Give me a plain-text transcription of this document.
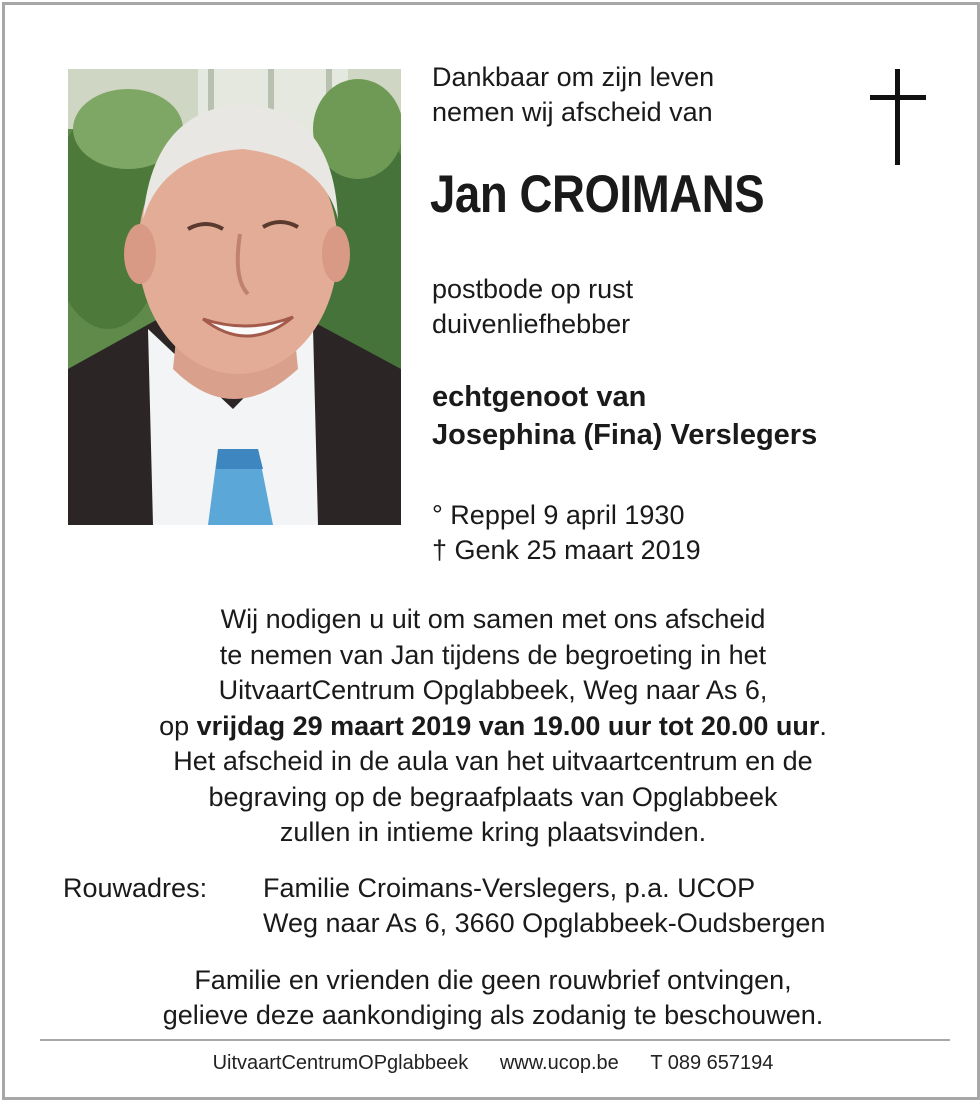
Dankbaar om zijn leven
nemen wij afscheid van
Jan CROIMANS
postbode op rust
duivenliefhebber
echtgenoot van
Josephina (Fina) Verslegers
° Reppel 9 april 1930
† Genk 25 maart 2019
Wij nodigen u uit om samen met ons afscheid
te nemen van Jan tijdens de begroeting in het
UitvaartCentrum Opglabbeek, Weg naar As 6,
op vrijdag 29 maart 2019 van 19.00 uur tot 20.00 uur.
Het afscheid in de aula van het uitvaartcentrum en de
begraving op de begraafplaats van Opglabbeek
zullen in intieme kring plaatsvinden.
Rouwadres: Familie Croimans-Verslegers, p.a. UCOP
Weg naar As 6, 3660 Opglabbeek-Oudsbergen
Familie en vrienden die geen rouwbrief ontvingen,
gelieve deze aankondiging als zodanig te beschouwen.
UitvaartCentrumOPglabbeek www.ucop.be T 089 657194
